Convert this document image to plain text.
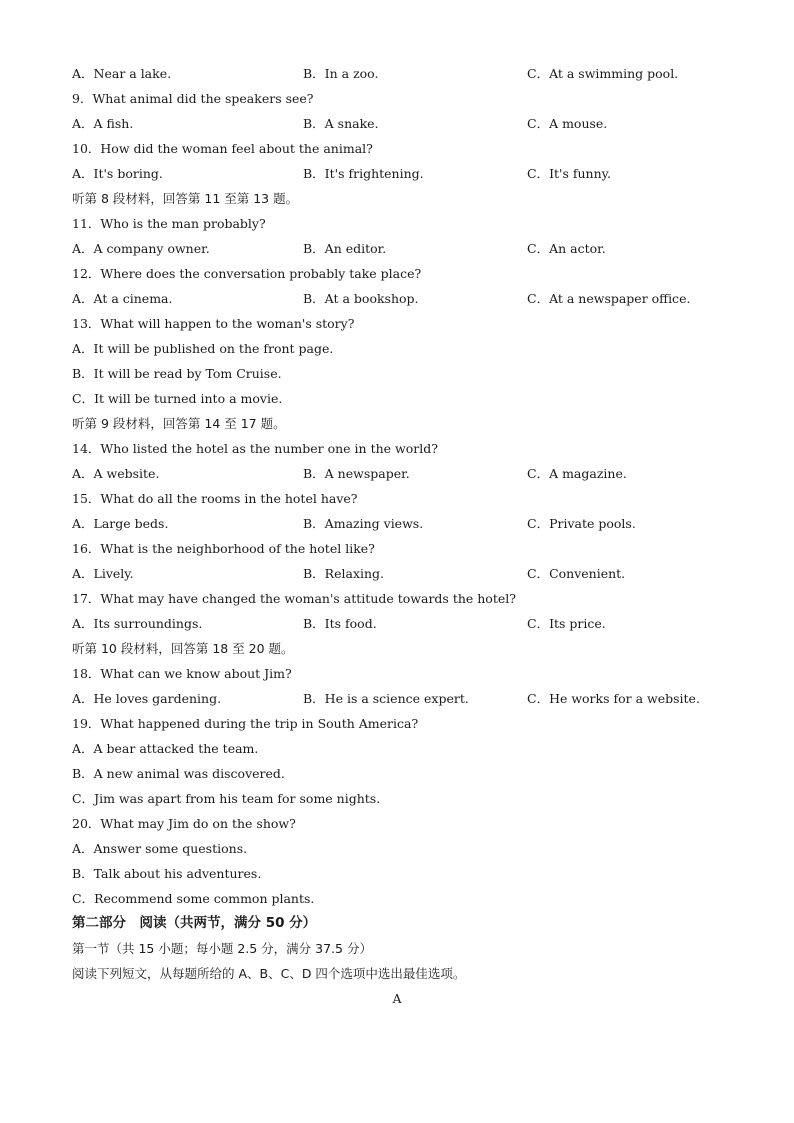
A．Near a lake.	B．In a zoo.	C．At a swimming pool.
9．What animal did the speakers see?
A．A fish.	B．A snake.	C．A mouse.
10．How did the woman feel about the animal?
A．It's boring.	B．It's frightening.	C．It's funny.
听第 8 段材料，回答第 11 至第 13 题。
11．Who is the man probably?
A．A company owner.	B．An editor.	C．An actor.
12．Where does the conversation probably take place?
A．At a cinema.	B．At a bookshop.	C．At a newspaper office.
13．What will happen to the woman's story?
A．It will be published on the front page.
B．It will be read by Tom Cruise.
C．It will be turned into a movie.
听第 9 段材料，回答第 14 至 17 题。
14．Who listed the hotel as the number one in the world?
A．A website.	B．A newspaper.	C．A magazine.
15．What do all the rooms in the hotel have?
A．Large beds.	B．Amazing views.	C．Private pools.
16．What is the neighborhood of the hotel like?
A．Lively.	B．Relaxing.	C．Convenient.
17．What may have changed the woman's attitude towards the hotel?
A．Its surroundings.	B．Its food.	C．Its price.
听第 10 段材料，回答第 18 至 20 题。
18．What can we know about Jim?
A．He loves gardening.	B．He is a science expert.	C．He works for a website.
19．What happened during the trip in South America?
A．A bear attacked the team.
B．A new animal was discovered.
C．Jim was apart from his team for some nights.
20．What may Jim do on the show?
A．Answer some questions.
B．Talk about his adventures.
C．Recommend some common plants.
第二部分　阅读（共两节，满分 50 分）
第一节（共 15 小题；每小题 2.5 分，满分 37.5 分）
阅读下列短文，从每题所给的 A、B、C、D 四个选项中选出最佳选项。
A
